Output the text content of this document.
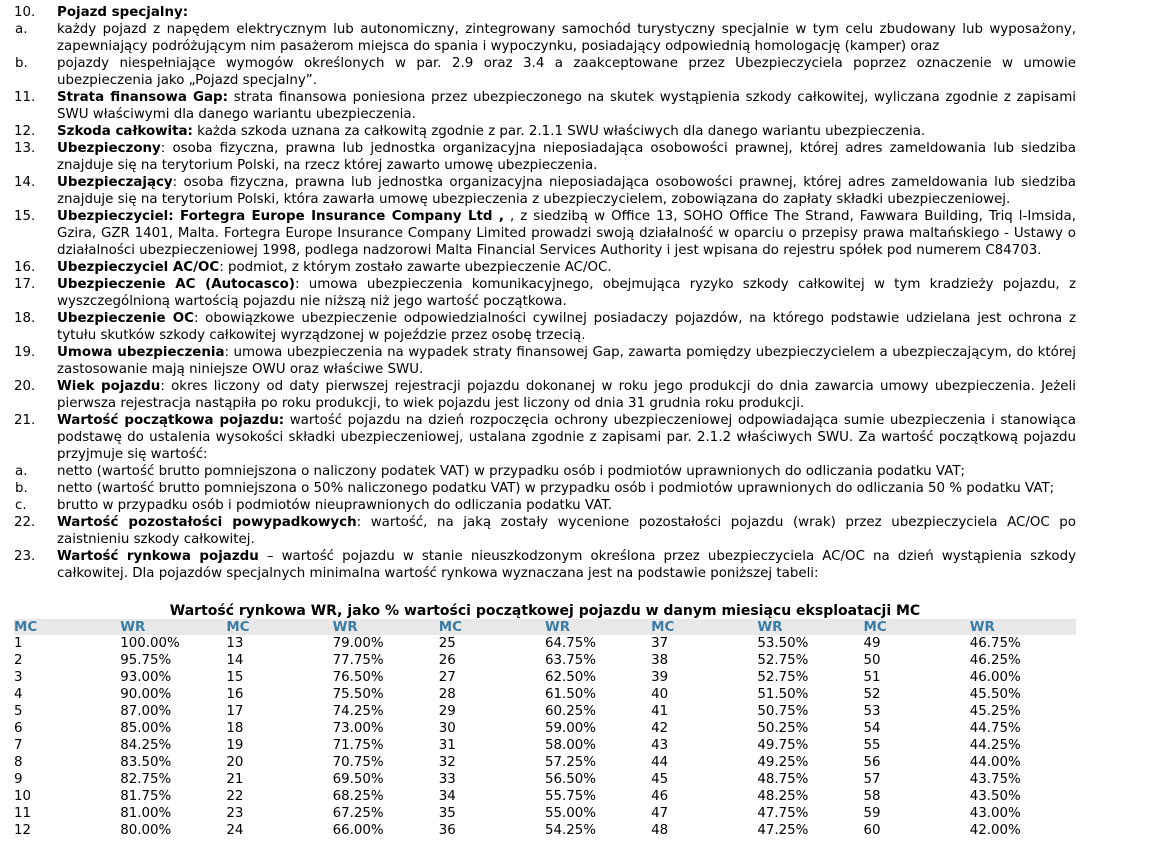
10. Pojazd specjalny:
a. każdy pojazd z napędem elektrycznym lub autonomiczny, zintegrowany samochód turystyczny specjalnie w tym celu zbudowany lub wyposażony, zapewniający podróżującym nim pasażerom miejsca do spania i wypoczynku, posiadający odpowiednią homologację (kamper) oraz
b. pojazdy niespełniające wymogów określonych w par. 2.9 oraz 3.4 a zaakceptowane przez Ubezpieczyciela poprzez oznaczenie w umowie ubezpieczenia jako „Pojazd specjalny”.
11. Strata finansowa Gap: strata finansowa poniesiona przez ubezpieczonego na skutek wystąpienia szkody całkowitej, wyliczana zgodnie z zapisami SWU właściwymi dla danego wariantu ubezpieczenia.
12. Szkoda całkowita: każda szkoda uznana za całkowitą zgodnie z par. 2.1.1 SWU właściwych dla danego wariantu ubezpieczenia.
13. Ubezpieczony: osoba fizyczna, prawna lub jednostka organizacyjna nieposiadająca osobowości prawnej, której adres zameldowania lub siedziba znajduje się na terytorium Polski, na rzecz której zawarto umowę ubezpieczenia.
14. Ubezpieczający: osoba fizyczna, prawna lub jednostka organizacyjna nieposiadająca osobowości prawnej, której adres zameldowania lub siedziba znajduje się na terytorium Polski, która zawarła umowę ubezpieczenia z ubezpieczycielem, zobowiązana do zapłaty składki ubezpieczeniowej.
15. Ubezpieczyciel: Fortegra Europe Insurance Company Ltd , , z siedzibą w Office 13, SOHO Office The Strand, Fawwara Building, Triq l-Imsida, Gzira, GZR 1401, Malta. Fortegra Europe Insurance Company Limited prowadzi swoją działalność w oparciu o przepisy prawa maltańskiego - Ustawy o działalności ubezpieczeniowej 1998, podlega nadzorowi Malta Financial Services Authority i jest wpisana do rejestru spółek pod numerem C84703.
16. Ubezpieczyciel AC/OC: podmiot, z którym zostało zawarte ubezpieczenie AC/OC.
17. Ubezpieczenie AC (Autocasco): umowa ubezpieczenia komunikacyjnego, obejmująca ryzyko szkody całkowitej w tym kradzieży pojazdu, z wyszczególnioną wartością pojazdu nie niższą niż jego wartość początkowa.
18. Ubezpieczenie OC: obowiązkowe ubezpieczenie odpowiedzialności cywilnej posiadaczy pojazdów, na którego podstawie udzielana jest ochrona z tytułu skutków szkody całkowitej wyrządzonej w pojeździe przez osobę trzecią.
19. Umowa ubezpieczenia: umowa ubezpieczenia na wypadek straty finansowej Gap, zawarta pomiędzy ubezpieczycielem a ubezpieczającym, do której zastosowanie mają niniejsze OWU oraz właściwe SWU.
20. Wiek pojazdu: okres liczony od daty pierwszej rejestracji pojazdu dokonanej w roku jego produkcji do dnia zawarcia umowy ubezpieczenia. Jeżeli pierwsza rejestracja nastąpiła po roku produkcji, to wiek pojazdu jest liczony od dnia 31 grudnia roku produkcji.
21. Wartość początkowa pojazdu: wartość pojazdu na dzień rozpoczęcia ochrony ubezpieczeniowej odpowiadająca sumie ubezpieczenia i stanowiąca podstawę do ustalenia wysokości składki ubezpieczeniowej, ustalana zgodnie z zapisami par. 2.1.2 właściwych SWU. Za wartość początkową pojazdu przyjmuje się wartość:
a. netto (wartość brutto pomniejszona o naliczony podatek VAT) w przypadku osób i podmiotów uprawnionych do odliczania podatku VAT;
b. netto (wartość brutto pomniejszona o 50% naliczonego podatku VAT) w przypadku osób i podmiotów uprawnionych do odliczania 50 % podatku VAT;
c. brutto w przypadku osób i podmiotów nieuprawnionych do odliczania podatku VAT.
22. Wartość pozostałości powypadkowych: wartość, na jaką zostały wycenione pozostałości pojazdu (wrak) przez ubezpieczyciela AC/OC po zaistnieniu szkody całkowitej.
23. Wartość rynkowa pojazdu – wartość pojazdu w stanie nieuszkodzonym określona przez ubezpieczyciela AC/OC na dzień wystąpienia szkody całkowitej. Dla pojazdów specjalnych minimalna wartość rynkowa wyznaczana jest na podstawie poniższej tabeli:
Wartość rynkowa WR, jako % wartości początkowej pojazdu w danym miesiącu eksploatacji MC
MC	WR	MC	WR	MC	WR	MC	WR	MC	WR
1	100.00%	13	79.00%	25	64.75%	37	53.50%	49	46.75%
2	95.75%	14	77.75%	26	63.75%	38	52.75%	50	46.25%
3	93.00%	15	76.50%	27	62.50%	39	52.75%	51	46.00%
4	90.00%	16	75.50%	28	61.50%	40	51.50%	52	45.50%
5	87.00%	17	74.25%	29	60.25%	41	50.75%	53	45.25%
6	85.00%	18	73.00%	30	59.00%	42	50.25%	54	44.75%
7	84.25%	19	71.75%	31	58.00%	43	49.75%	55	44.25%
8	83.50%	20	70.75%	32	57.25%	44	49.25%	56	44.00%
9	82.75%	21	69.50%	33	56.50%	45	48.75%	57	43.75%
10	81.75%	22	68.25%	34	55.75%	46	48.25%	58	43.50%
11	81.00%	23	67.25%	35	55.00%	47	47.75%	59	43.00%
12	80.00%	24	66.00%	36	54.25%	48	47.25%	60	42.00%
